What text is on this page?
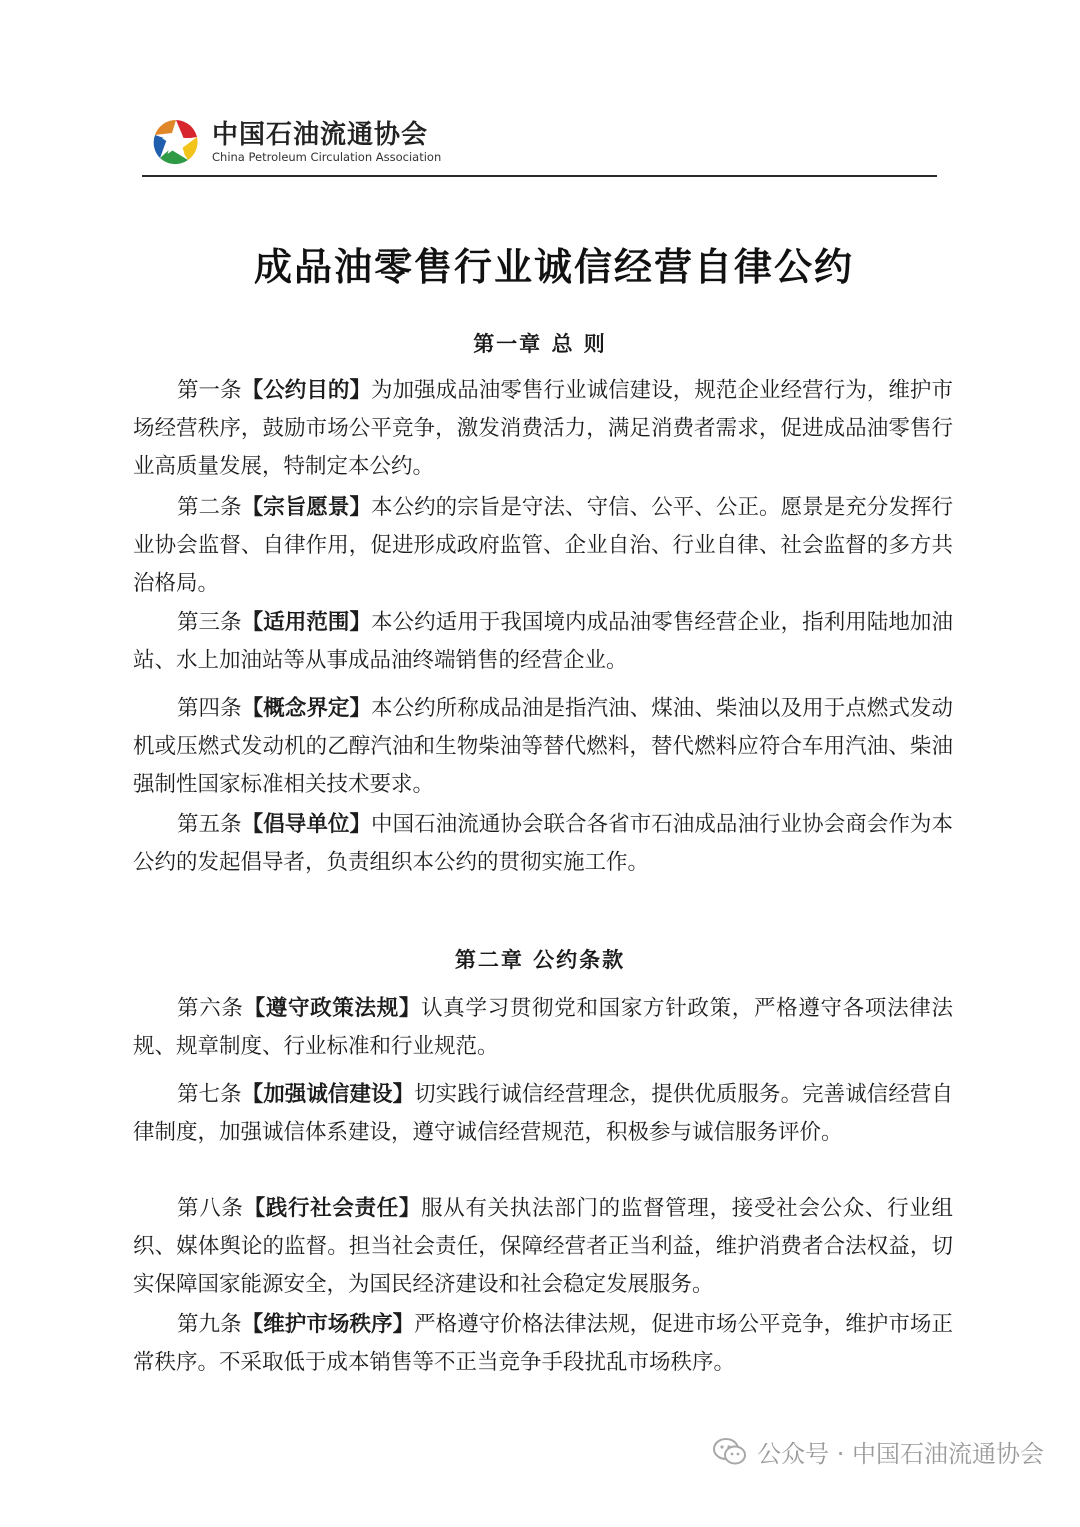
中国石油流通协会
China Petroleum Circulation Association
成品油零售行业诚信经营自律公约
第一章 总 则
第一条【公约目的】为加强成品油零售行业诚信建设，规范企业经营行为，维护市场经营秩序，鼓励市场公平竞争，激发消费活力，满足消费者需求，促进成品油零售行业高质量发展，特制定本公约。
第二条【宗旨愿景】本公约的宗旨是守法、守信、公平、公正。愿景是充分发挥行业协会监督、自律作用，促进形成政府监管、企业自治、行业自律、社会监督的多方共治格局。
第三条【适用范围】本公约适用于我国境内成品油零售经营企业，指利用陆地加油站、水上加油站等从事成品油终端销售的经营企业。
第四条【概念界定】本公约所称成品油是指汽油、煤油、柴油以及用于点燃式发动机或压燃式发动机的乙醇汽油和生物柴油等替代燃料，替代燃料应符合车用汽油、柴油强制性国家标准相关技术要求。
第五条【倡导单位】中国石油流通协会联合各省市石油成品油行业协会商会作为本公约的发起倡导者，负责组织本公约的贯彻实施工作。
第二章 公约条款
第六条【遵守政策法规】认真学习贯彻党和国家方针政策，严格遵守各项法律法规、规章制度、行业标准和行业规范。
第七条【加强诚信建设】切实践行诚信经营理念，提供优质服务。完善诚信经营自律制度，加强诚信体系建设，遵守诚信经营规范，积极参与诚信服务评价。
第八条【践行社会责任】服从有关执法部门的监督管理，接受社会公众、行业组织、媒体舆论的监督。担当社会责任，保障经营者正当利益，维护消费者合法权益，切实保障国家能源安全，为国民经济建设和社会稳定发展服务。
第九条【维护市场秩序】严格遵守价格法律法规，促进市场公平竞争，维护市场正常秩序。不采取低于成本销售等不正当竞争手段扰乱市场秩序。
公众号 · 中国石油流通协会
